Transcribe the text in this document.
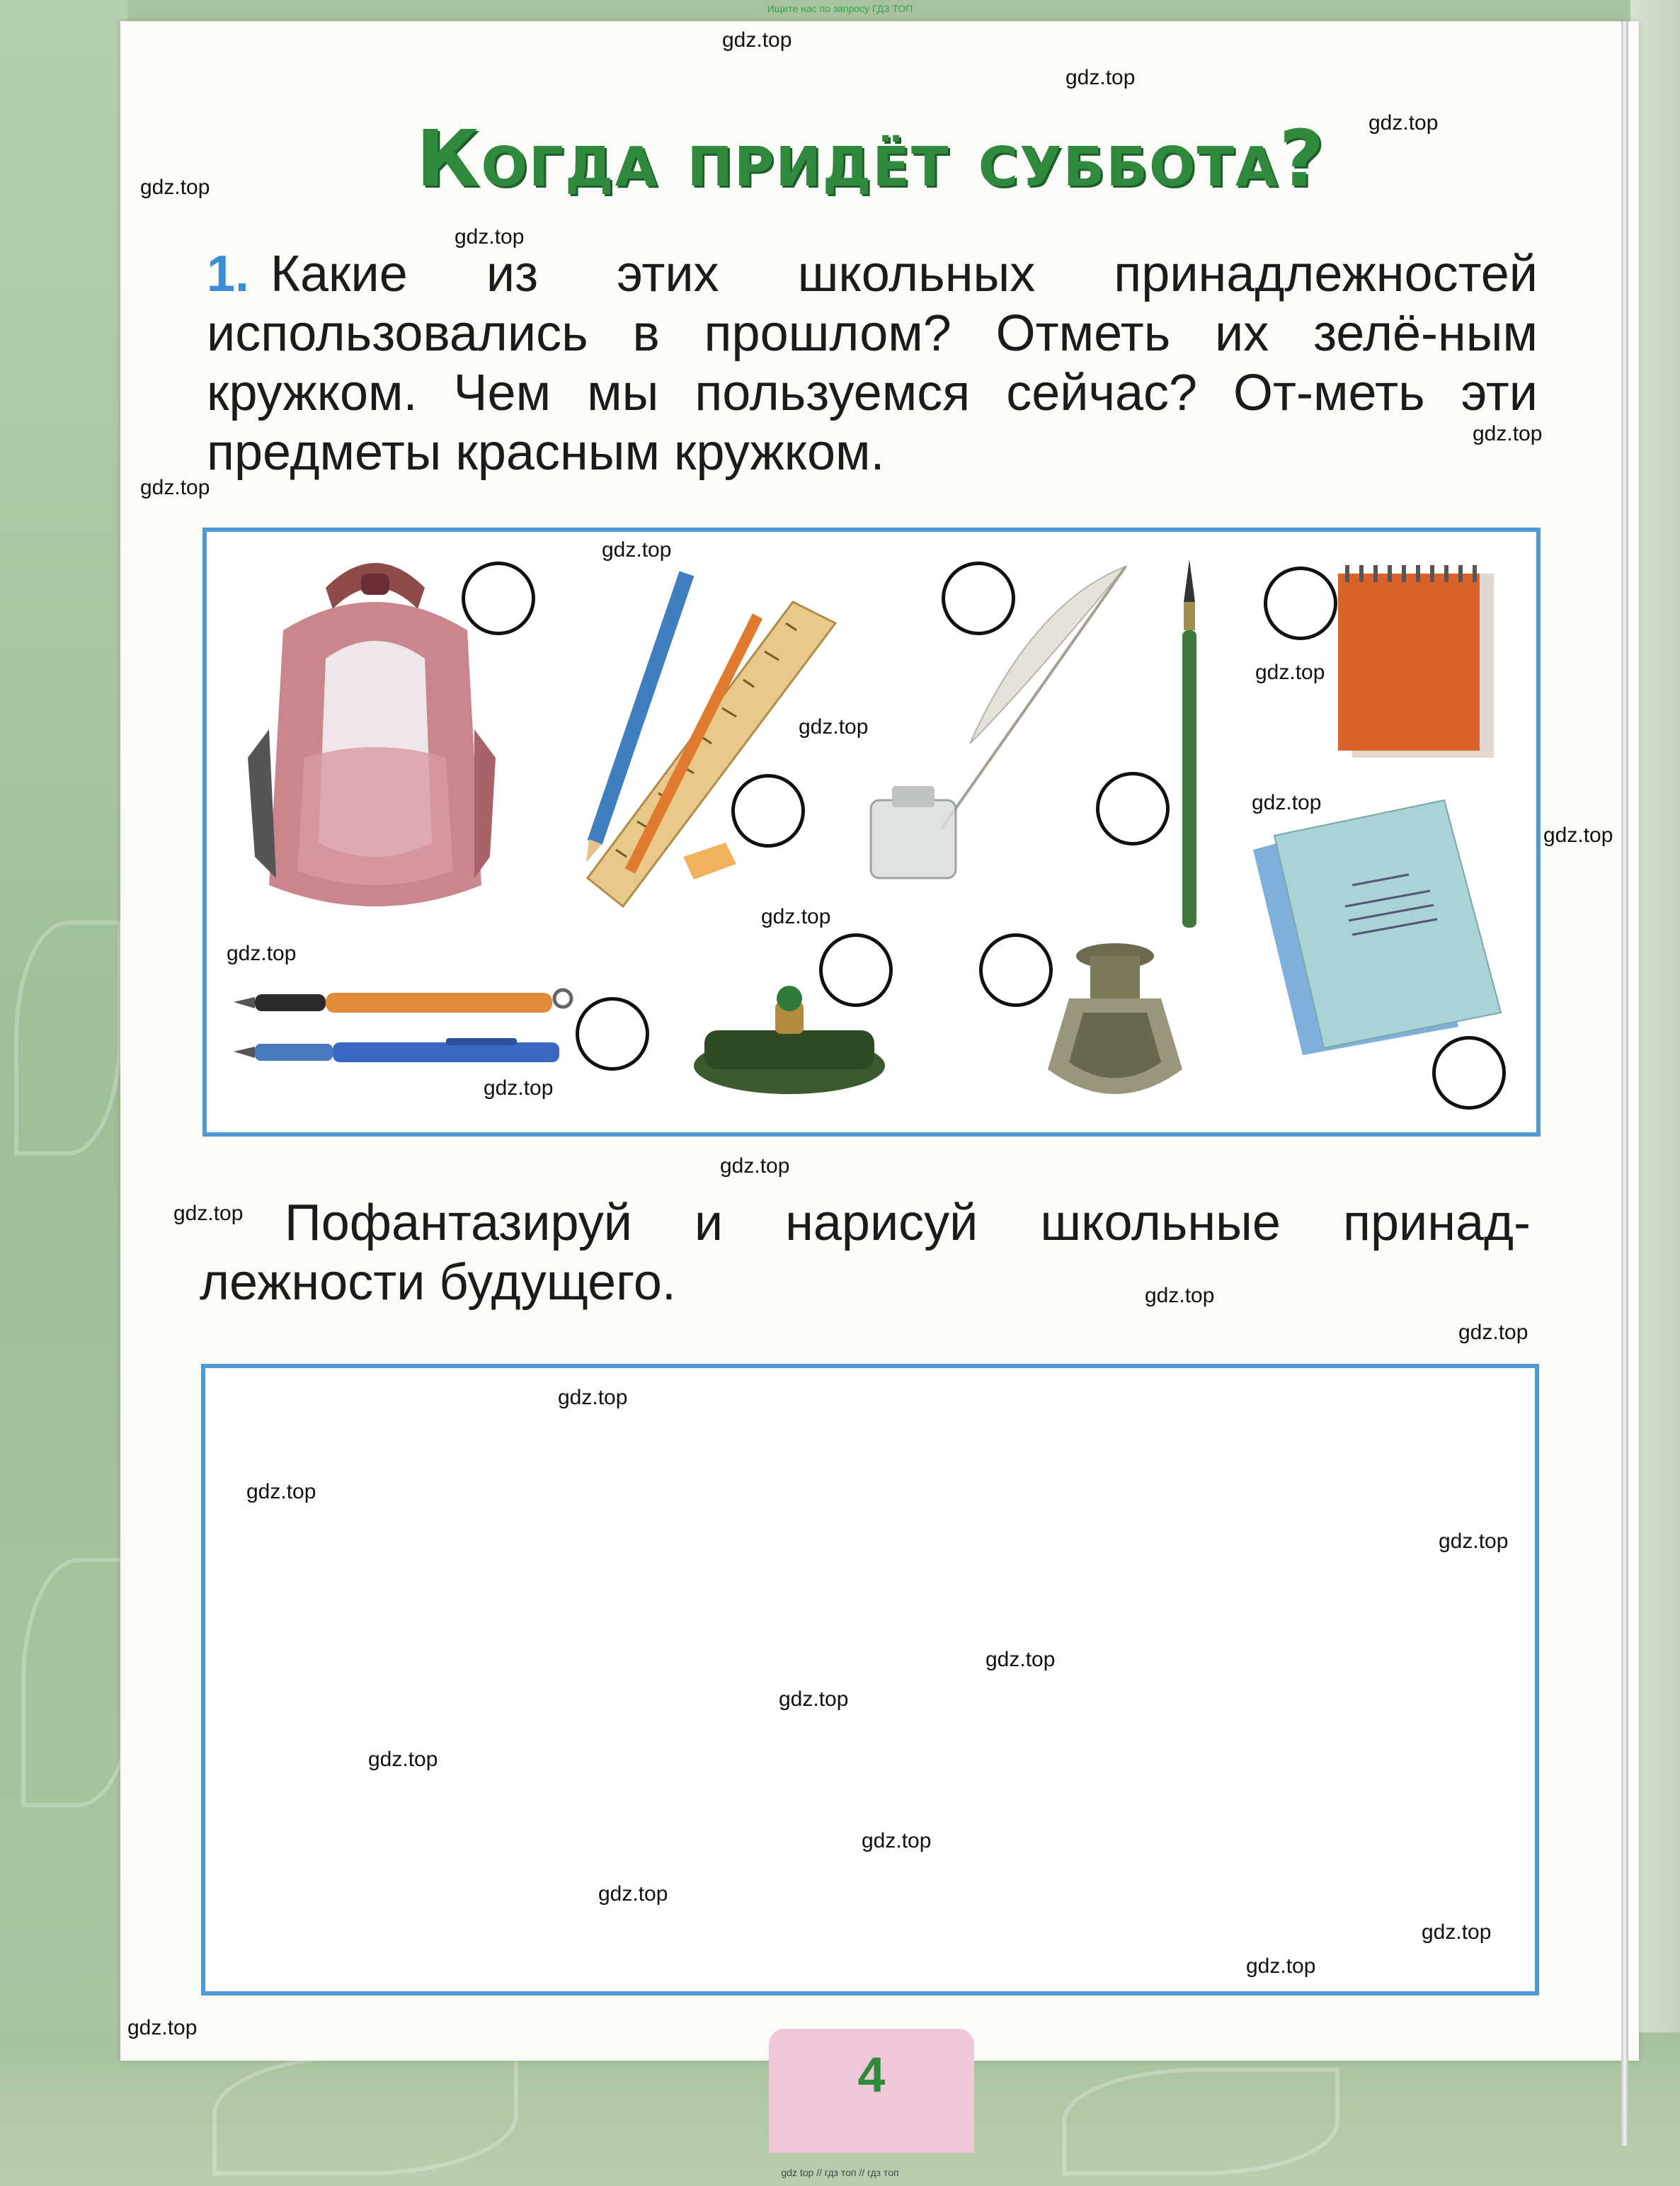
Ищите нас по запросу ГДЗ ТОП
Когда придёт суббота?
1. Какие из этих школьных принадлежностей использовались в прошлом? Отметь их зелё-ным кружком. Чем мы пользуемся сейчас? От-меть эти предметы красным кружком.
Пофантазируй и нарисуй школьные принад-лежности будущего.
gdz.top
gdz.top
gdz.top
gdz.top
gdz.top
gdz.top
gdz.top
gdz.top
gdz.top
gdz.top
gdz.top
gdz.top
gdz.top
gdz.top
gdz.top
gdz.top
gdz.top
gdz.top
gdz.top
gdz.top
gdz.top
gdz.top
gdz.top
gdz.top
gdz.top
gdz.top
gdz.top
gdz.top
gdz.top
gdz.top
4
gdz top // гдз топ // гдз топ
